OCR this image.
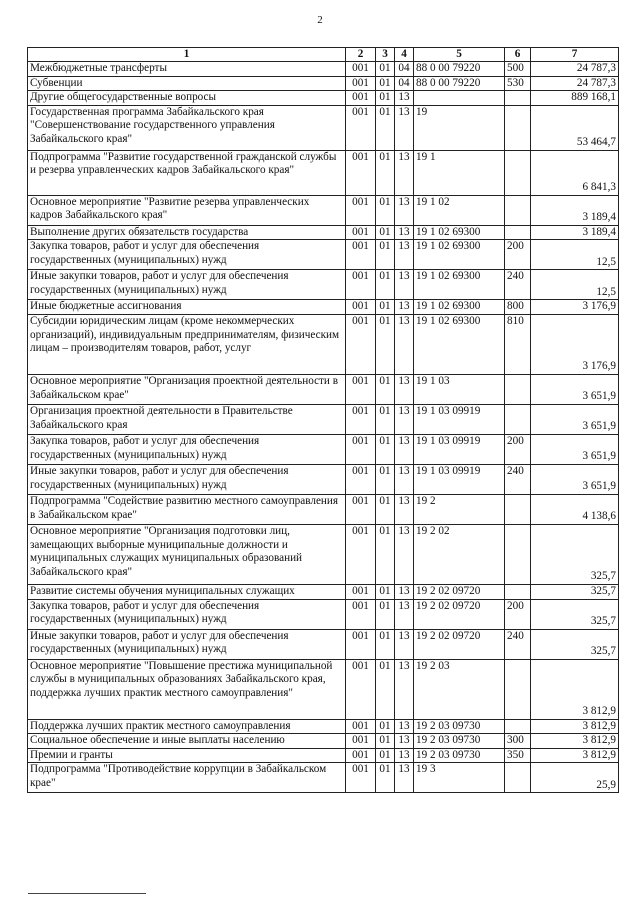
2
1	2	3	4	5	6	7
Межбюджетные трансферты	001	01	04	88 0 00 79220	500	24 787,3
Субвенции	001	01	04	88 0 00 79220	530	24 787,3
Другие общегосударственные вопросы	001	01	13			889 168,1
Государственная программа Забайкальского края "Совершенствование государственного управления Забайкальского края"	001	01	13	19		53 464,7
Подпрограмма "Развитие государственной гражданской службы и резерва управленческих кадров Забайкальского края"	001	01	13	19 1		6 841,3
Основное мероприятие "Развитие резерва управленческих кадров Забайкальского края"	001	01	13	19 1 02		3 189,4
Выполнение других обязательств государства	001	01	13	19 1 02 69300		3 189,4
Закупка товаров, работ и услуг для обеспечения государственных (муниципальных) нужд	001	01	13	19 1 02 69300	200	12,5
Иные закупки товаров, работ и услуг для обеспечения государственных (муниципальных) нужд	001	01	13	19 1 02 69300	240	12,5
Иные бюджетные ассигнования	001	01	13	19 1 02 69300	800	3 176,9
Субсидии юридическим лицам (кроме некоммерческих организаций), индивидуальным предпринимателям, физическим лицам – производителям товаров, работ, услуг	001	01	13	19 1 02 69300	810	3 176,9
Основное мероприятие "Организация проектной деятельности в Забайкальском крае"	001	01	13	19 1 03		3 651,9
Организация проектной деятельности в Правительстве Забайкальского края	001	01	13	19 1 03 09919		3 651,9
Закупка товаров, работ и услуг для обеспечения государственных (муниципальных) нужд	001	01	13	19 1 03 09919	200	3 651,9
Иные закупки товаров, работ и услуг для обеспечения государственных (муниципальных) нужд	001	01	13	19 1 03 09919	240	3 651,9
Подпрограмма "Содействие развитию местного самоуправления в Забайкальском крае"	001	01	13	19 2		4 138,6
Основное мероприятие "Организация подготовки лиц, замещающих выборные муниципальные должности и муниципальных служащих муниципальных образований Забайкальского края"	001	01	13	19 2 02		325,7
Развитие системы обучения муниципальных служащих	001	01	13	19 2 02 09720		325,7
Закупка товаров, работ и услуг для обеспечения государственных (муниципальных) нужд	001	01	13	19 2 02 09720	200	325,7
Иные закупки товаров, работ и услуг для обеспечения государственных (муниципальных) нужд	001	01	13	19 2 02 09720	240	325,7
Основное мероприятие "Повышение престижа муниципальной службы в муниципальных образованиях Забайкальского края, поддержка лучших практик местного самоуправления"	001	01	13	19 2 03		3 812,9
Поддержка лучших практик местного самоуправления	001	01	13	19 2 03 09730		3 812,9
Социальное обеспечение и иные выплаты населению	001	01	13	19 2 03 09730	300	3 812,9
Премии и гранты	001	01	13	19 2 03 09730	350	3 812,9
Подпрограмма "Противодействие коррупции в Забайкальском крае"	001	01	13	19 3		25,9
